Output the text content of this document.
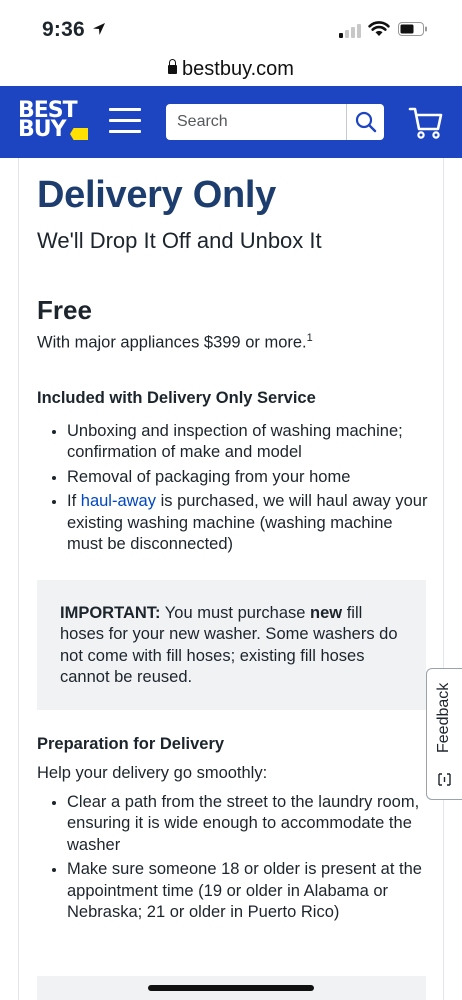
9:36
bestbuy.com
BEST
BUY
Search
Delivery Only
We'll Drop It Off and Unbox It
Free
With major appliances $399 or more.$^1$
Included with Delivery Only Service
• Unboxing and inspection of washing machine; confirmation of make and model
• Removal of packaging from your home
• If haul-away is purchased, we will haul away your existing washing machine (washing machine must be disconnected)
IMPORTANT: You must purchase new fill hoses for your new washer. Some washers do not come with fill hoses; existing fill hoses cannot be reused.
Preparation for Delivery
Help your delivery go smoothly:
• Clear a path from the street to the laundry room, ensuring it is wide enough to accommodate the washer
• Make sure someone 18 or older is present at the appointment time (19 or older in Alabama or Nebraska; 21 or older in Puerto Rico)
Feedback
